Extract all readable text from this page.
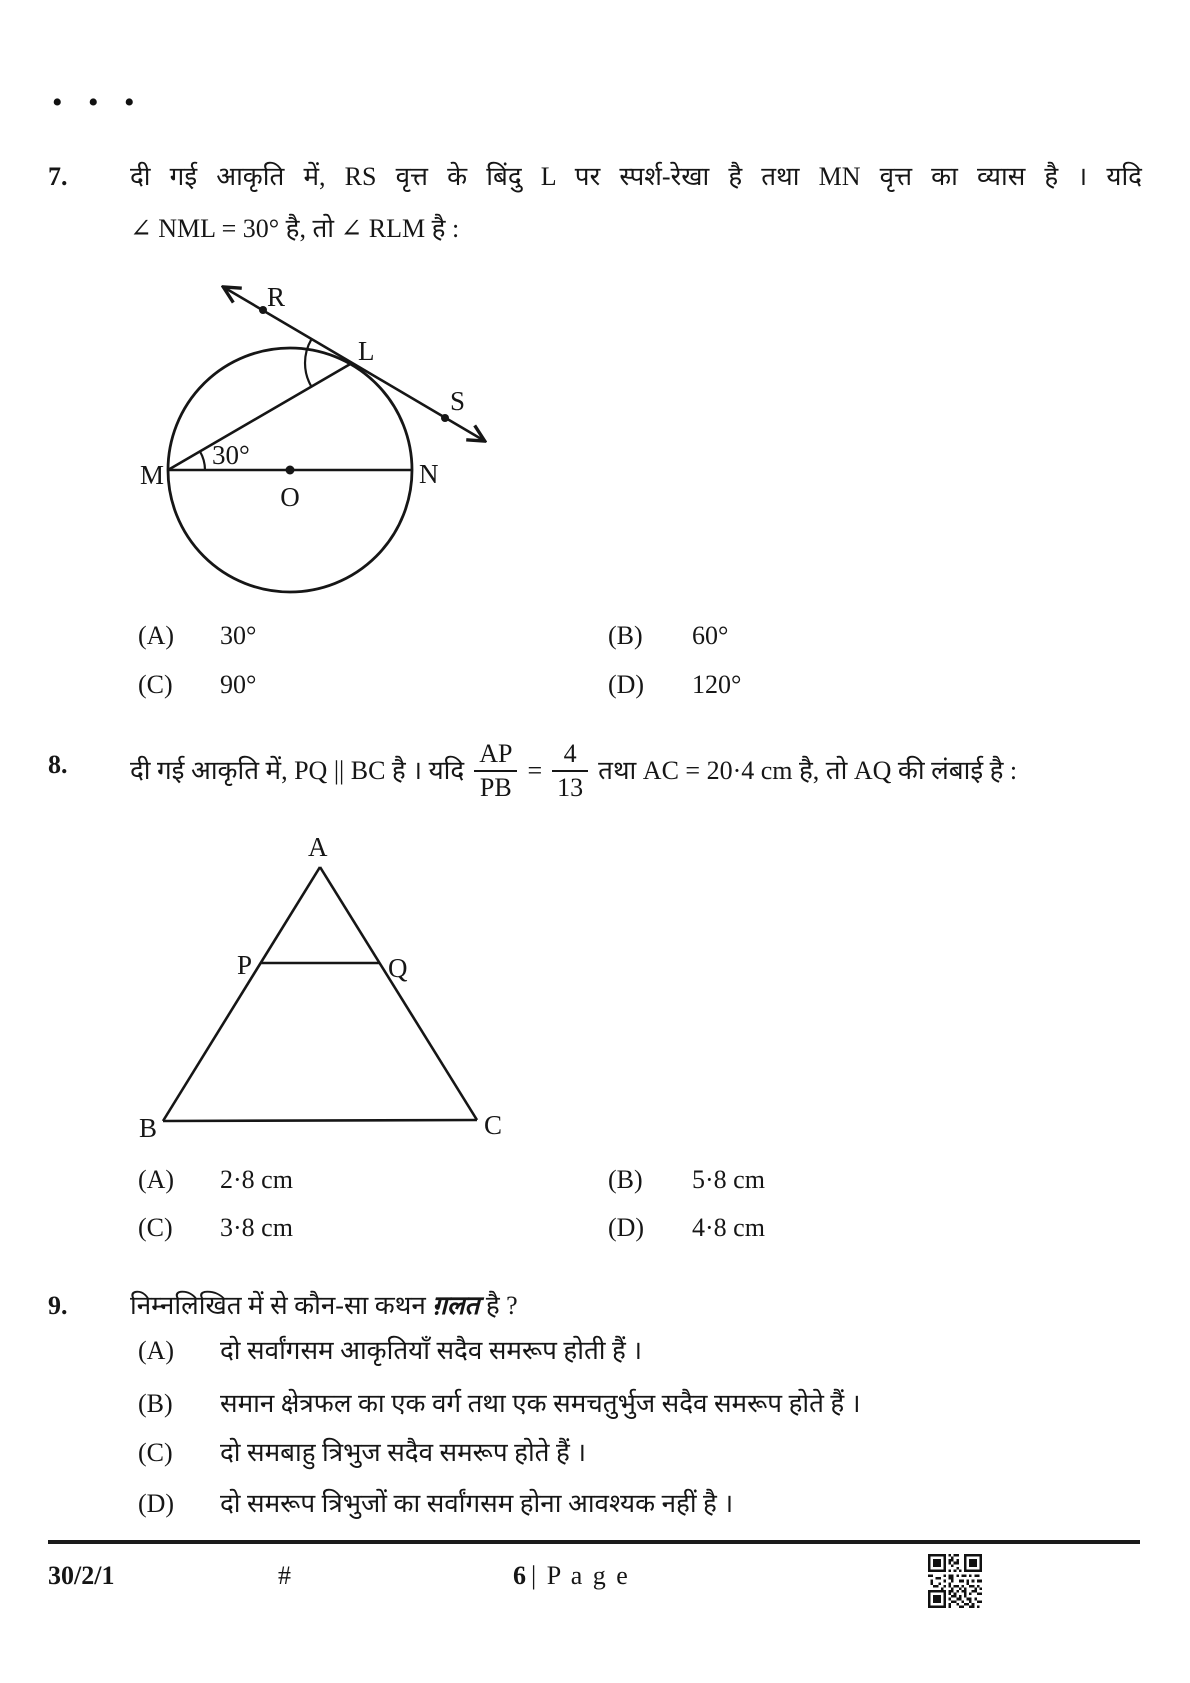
• • •
7. दी गई आकृति में, RS वृत्त के बिंदु L पर स्पर्श-रेखा है तथा MN वृत्त का व्यास है । यदि
∠ NML = 30° है, तो ∠ RLM है :
R
L
S
M	N
O
30°
(A) 30°	(B) 60°
(C) 90°	(D) 120°
8. दी गई आकृति में, PQ || BC है । यदि $\frac{AP}{PB} = \frac{4}{13}$ तथा AC = 20·4 cm है, तो AQ की लंबाई है :
A
P	Q
B	C
(A) 2·8 cm	(B) 5·8 cm
(C) 3·8 cm	(D) 4·8 cm
9. निम्नलिखित में से कौन-सा कथन ग़लत है ?
(A) दो सर्वांगसम आकृतियाँ सदैव समरूप होती हैं ।
(B) समान क्षेत्रफल का एक वर्ग तथा एक समचतुर्भुज सदैव समरूप होते हैं ।
(C) दो समबाहु त्रिभुज सदैव समरूप होते हैं ।
(D) दो समरूप त्रिभुजों का सर्वांगसम होना आवश्यक नहीं है ।
30/2/1	#	6 | P a g e
